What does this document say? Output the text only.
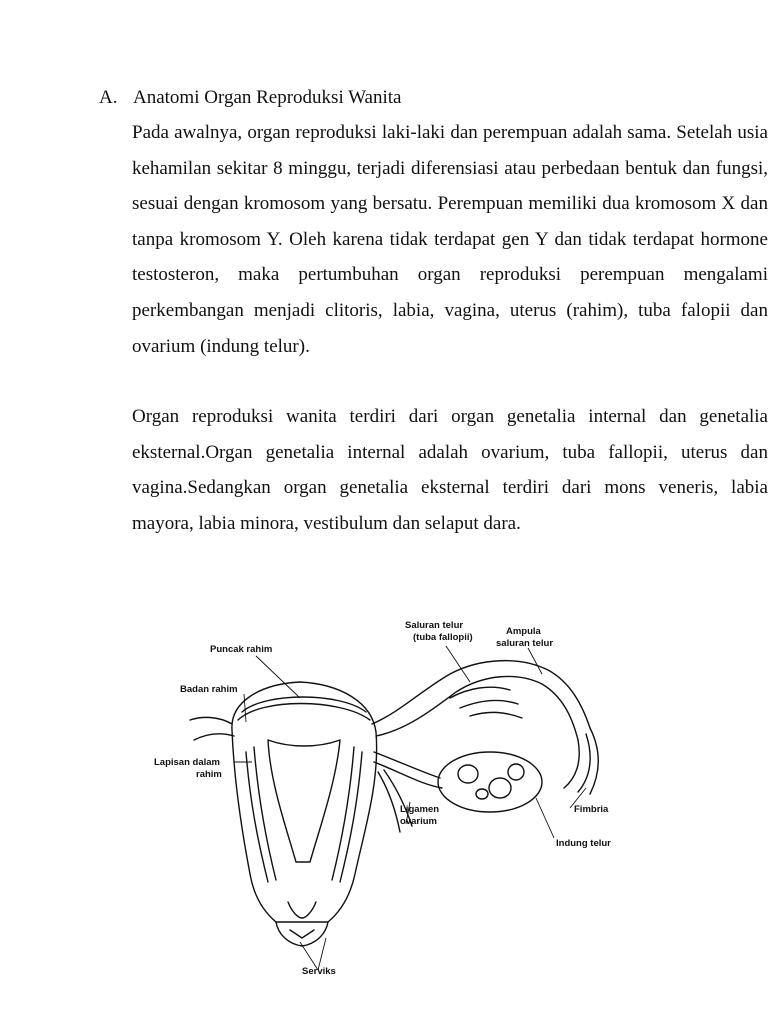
A. Anatomi Organ Reproduksi Wanita

Pada awalnya, organ reproduksi laki-laki dan perempuan adalah sama. Setelah usia kehamilan sekitar 8 minggu, terjadi diferensiasi atau perbedaan bentuk dan fungsi, sesuai dengan kromosom yang bersatu. Perempuan memiliki dua kromosom X dan tanpa kromosom Y. Oleh karena tidak terdapat gen Y dan tidak terdapat hormone testosteron, maka pertumbuhan organ reproduksi perempuan mengalami perkembangan menjadi clitoris, labia, vagina, uterus (rahim), tuba falopii dan ovarium (indung telur).

Organ reproduksi wanita terdiri dari organ genetalia internal dan genetalia eksternal.Organ genetalia internal adalah ovarium, tuba fallopii, uterus dan vagina.Sedangkan organ genetalia eksternal terdiri dari mons veneris, labia mayora, labia minora, vestibulum dan selaput dara.

Puncak rahim
Badan rahim
Lapisan dalam
rahim
Saluran telur
(tuba fallopii)
Ampula
saluran telur
Ligamen
ovarium
Fimbria
Indung telur
Serviks
